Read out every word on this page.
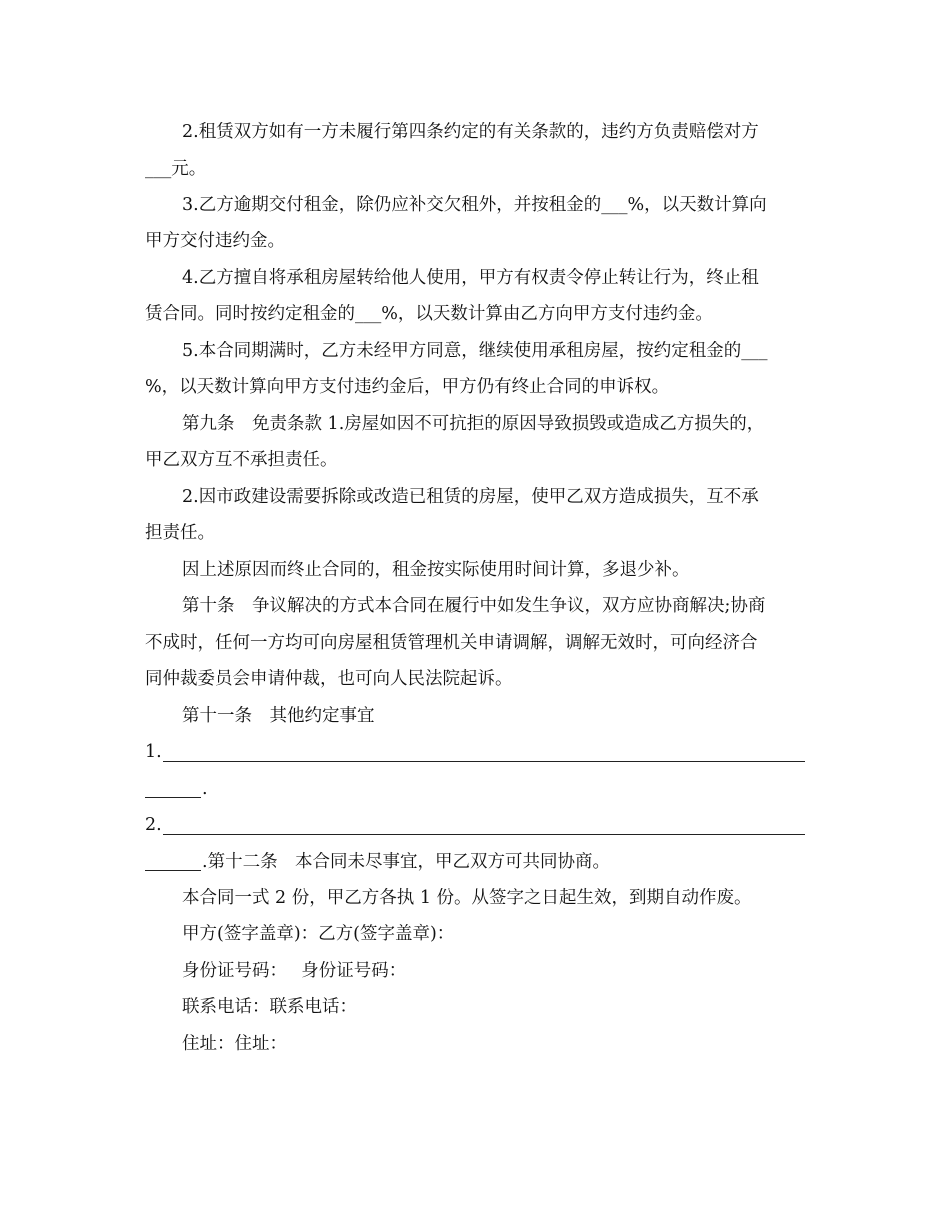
2.租赁双方如有一方未履行第四条约定的有关条款的，违约方负责赔偿对方
___元。
3.乙方逾期交付租金，除仍应补交欠租外，并按租金的___%，以天数计算向
甲方交付违约金。
4.乙方擅自将承租房屋转给他人使用，甲方有权责令停止转让行为，终止租
赁合同。同时按约定租金的___%，以天数计算由乙方向甲方支付违约金。
5.本合同期满时，乙方未经甲方同意，继续使用承租房屋，按约定租金的___
%，以天数计算向甲方支付违约金后，甲方仍有终止合同的申诉权。
第九条　免责条款 1.房屋如因不可抗拒的原因导致损毁或造成乙方损失的，
甲乙双方互不承担责任。
2.因市政建设需要拆除或改造已租赁的房屋，使甲乙双方造成损失，互不承
担责任。
因上述原因而终止合同的，租金按实际使用时间计算，多退少补。
第十条　争议解决的方式本合同在履行中如发生争议，双方应协商解决;协商
不成时，任何一方均可向房屋租赁管理机关申请调解，调解无效时，可向经济合
同仲裁委员会申请仲裁，也可向人民法院起诉。
第十一条　其他约定事宜
1.
.
2.
.第十二条　本合同未尽事宜，甲乙双方可共同协商。
本合同一式 2 份，甲乙方各执 1 份。从签字之日起生效，到期自动作废。
甲方(签字盖章)：乙方(签字盖章)：
身份证号码：　 身份证号码：
联系电话：联系电话：
住址：住址：
